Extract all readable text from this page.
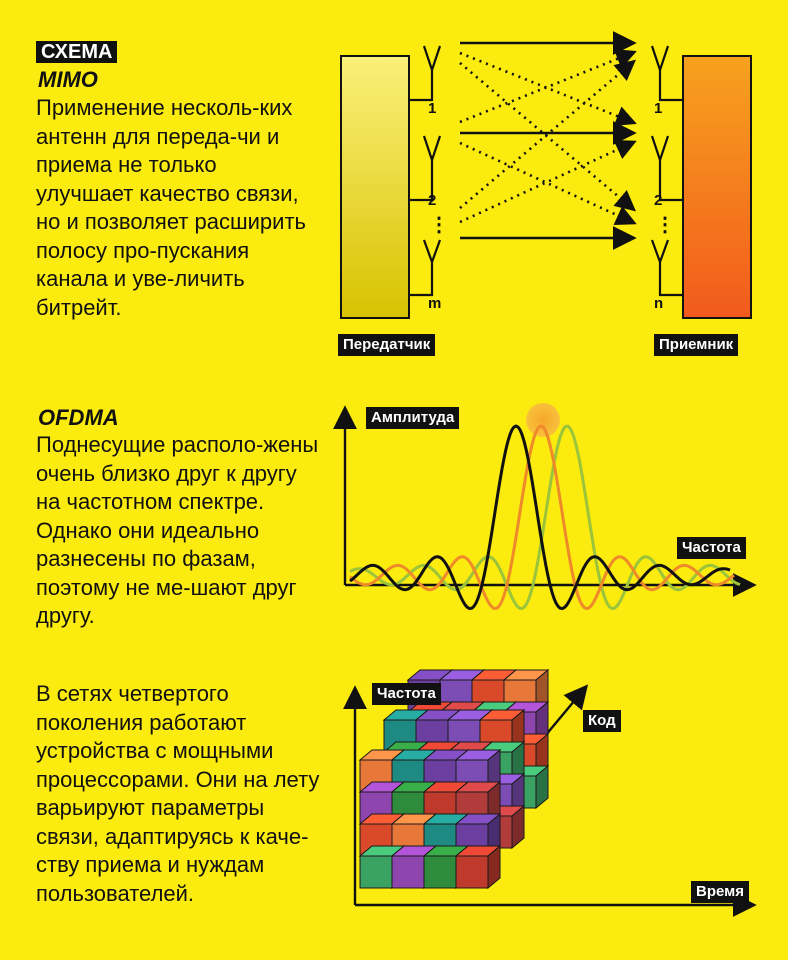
СХЕМА
MIMO
Применение несколь-ких антенн для переда-чи и приема не только улучшает качество связи, но и позволяет расширить полосу про-пускания канала и уве-личить битрейт.
1
2
⋮
m
1
2
⋮
n
Передатчик	Приемник
OFDMA
Поднесущие располо-жены очень близко друг к другу на частотном спектре. Однако они идеально разнесены по фазам, поэтому не ме-шают друг другу.
Амплитуда
Частота
В сетях четвертого поколения работают устройства с мощными процессорами. Они на лету варьируют параметры связи, адаптируясь к каче-ству приема и нуждам пользователей.
Частота
Код
Время
